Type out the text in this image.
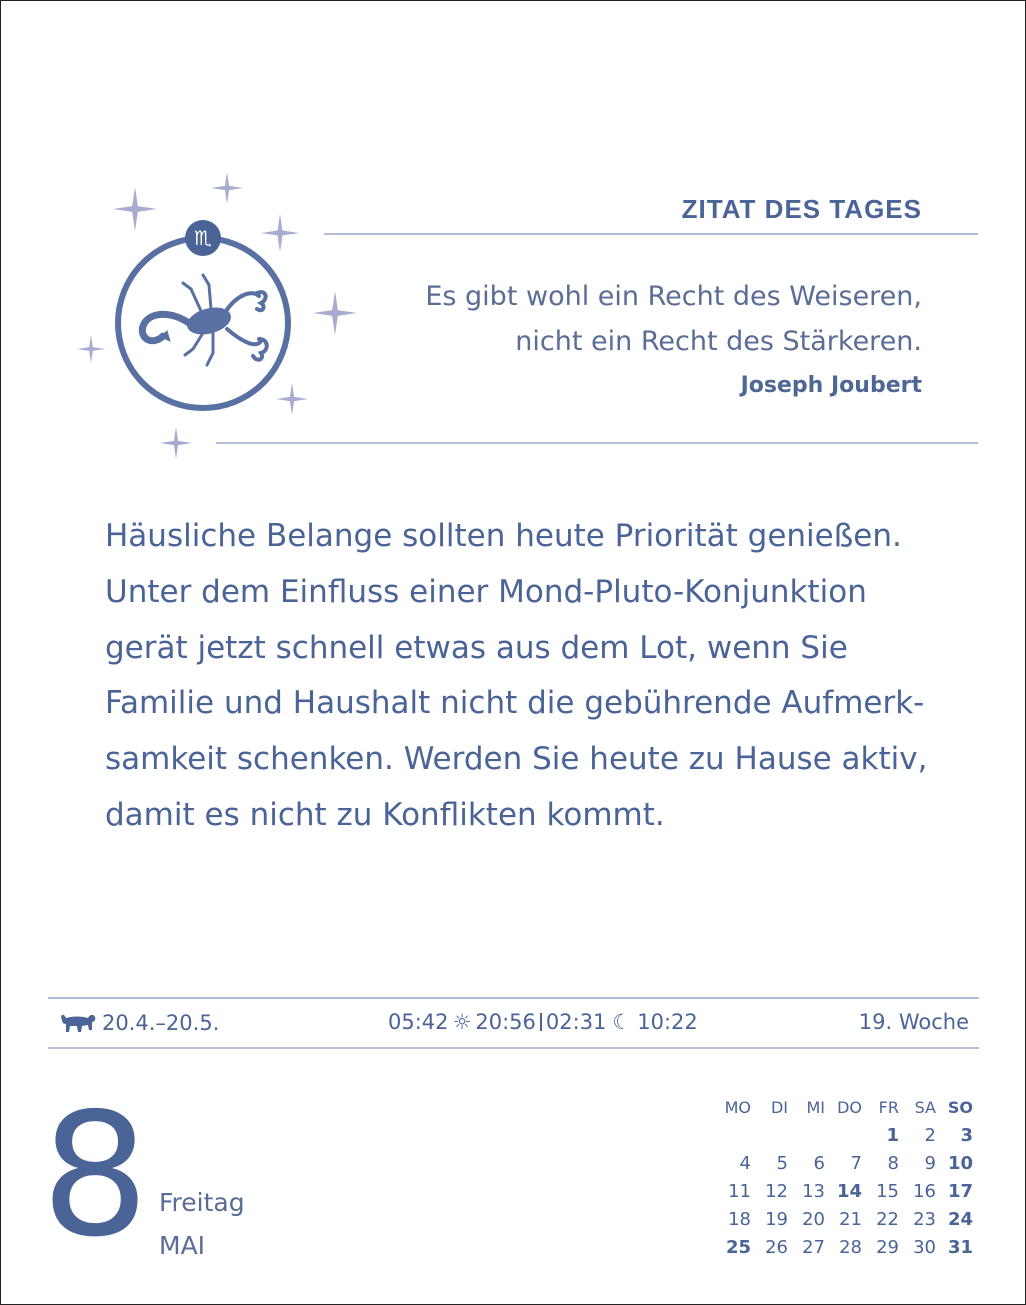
♏
ZITAT DES TAGES
Es gibt wohl ein Recht des Weiseren,
nicht ein Recht des Stärkeren.
Joseph Joubert
Häusliche Belange sollten heute Priorität genießen.
Unter dem Einfluss einer Mond-Pluto-Konjunktion
gerät jetzt schnell etwas aus dem Lot, wenn Sie
Familie und Haushalt nicht die gebührende Aufmerk-
samkeit schenken. Werden Sie heute zu Hause aktiv,
damit es nicht zu Konflikten kommt.
20.4.–20.5.	05:42 ☼ 20:56 02:31 ☾ 10:22	19. Woche
8 Freitag
MAI
MO	DI	MI	DO	FR	SA	SO
				1	2	3
4	5	6	7	8	9	10
11	12	13	14	15	16	17
18	19	20	21	22	23	24
25	26	27	28	29	30	31
